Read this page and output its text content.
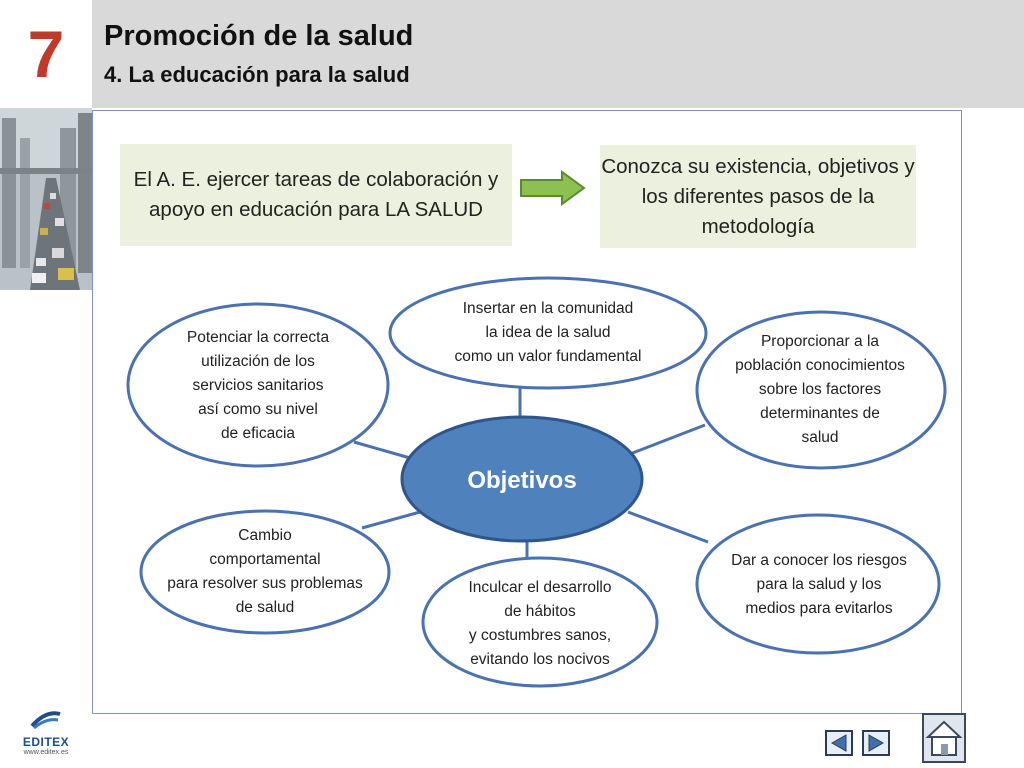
7	Promoción de la salud
4. La educación para la salud
El A. E. ejercer tareas de colaboración y apoyo en educación para LA SALUD
Conozca su existencia, objetivos y los diferentes pasos de la metodología
Objetivos
Insertar en la comunidad
la idea de la salud
como un valor fundamental
Potenciar la correcta
utilización de los
servicios sanitarios
así como su nivel
de eficacia
Proporcionar a la
población conocimientos
sobre los factores
determinantes de
salud
Cambio
comportamental
para resolver sus problemas
de salud
Inculcar el desarrollo
de hábitos
y costumbres sanos,
evitando los nocivos
Dar a conocer los riesgos
para la salud y los
medios para evitarlos
EDITEX
www.editex.es
